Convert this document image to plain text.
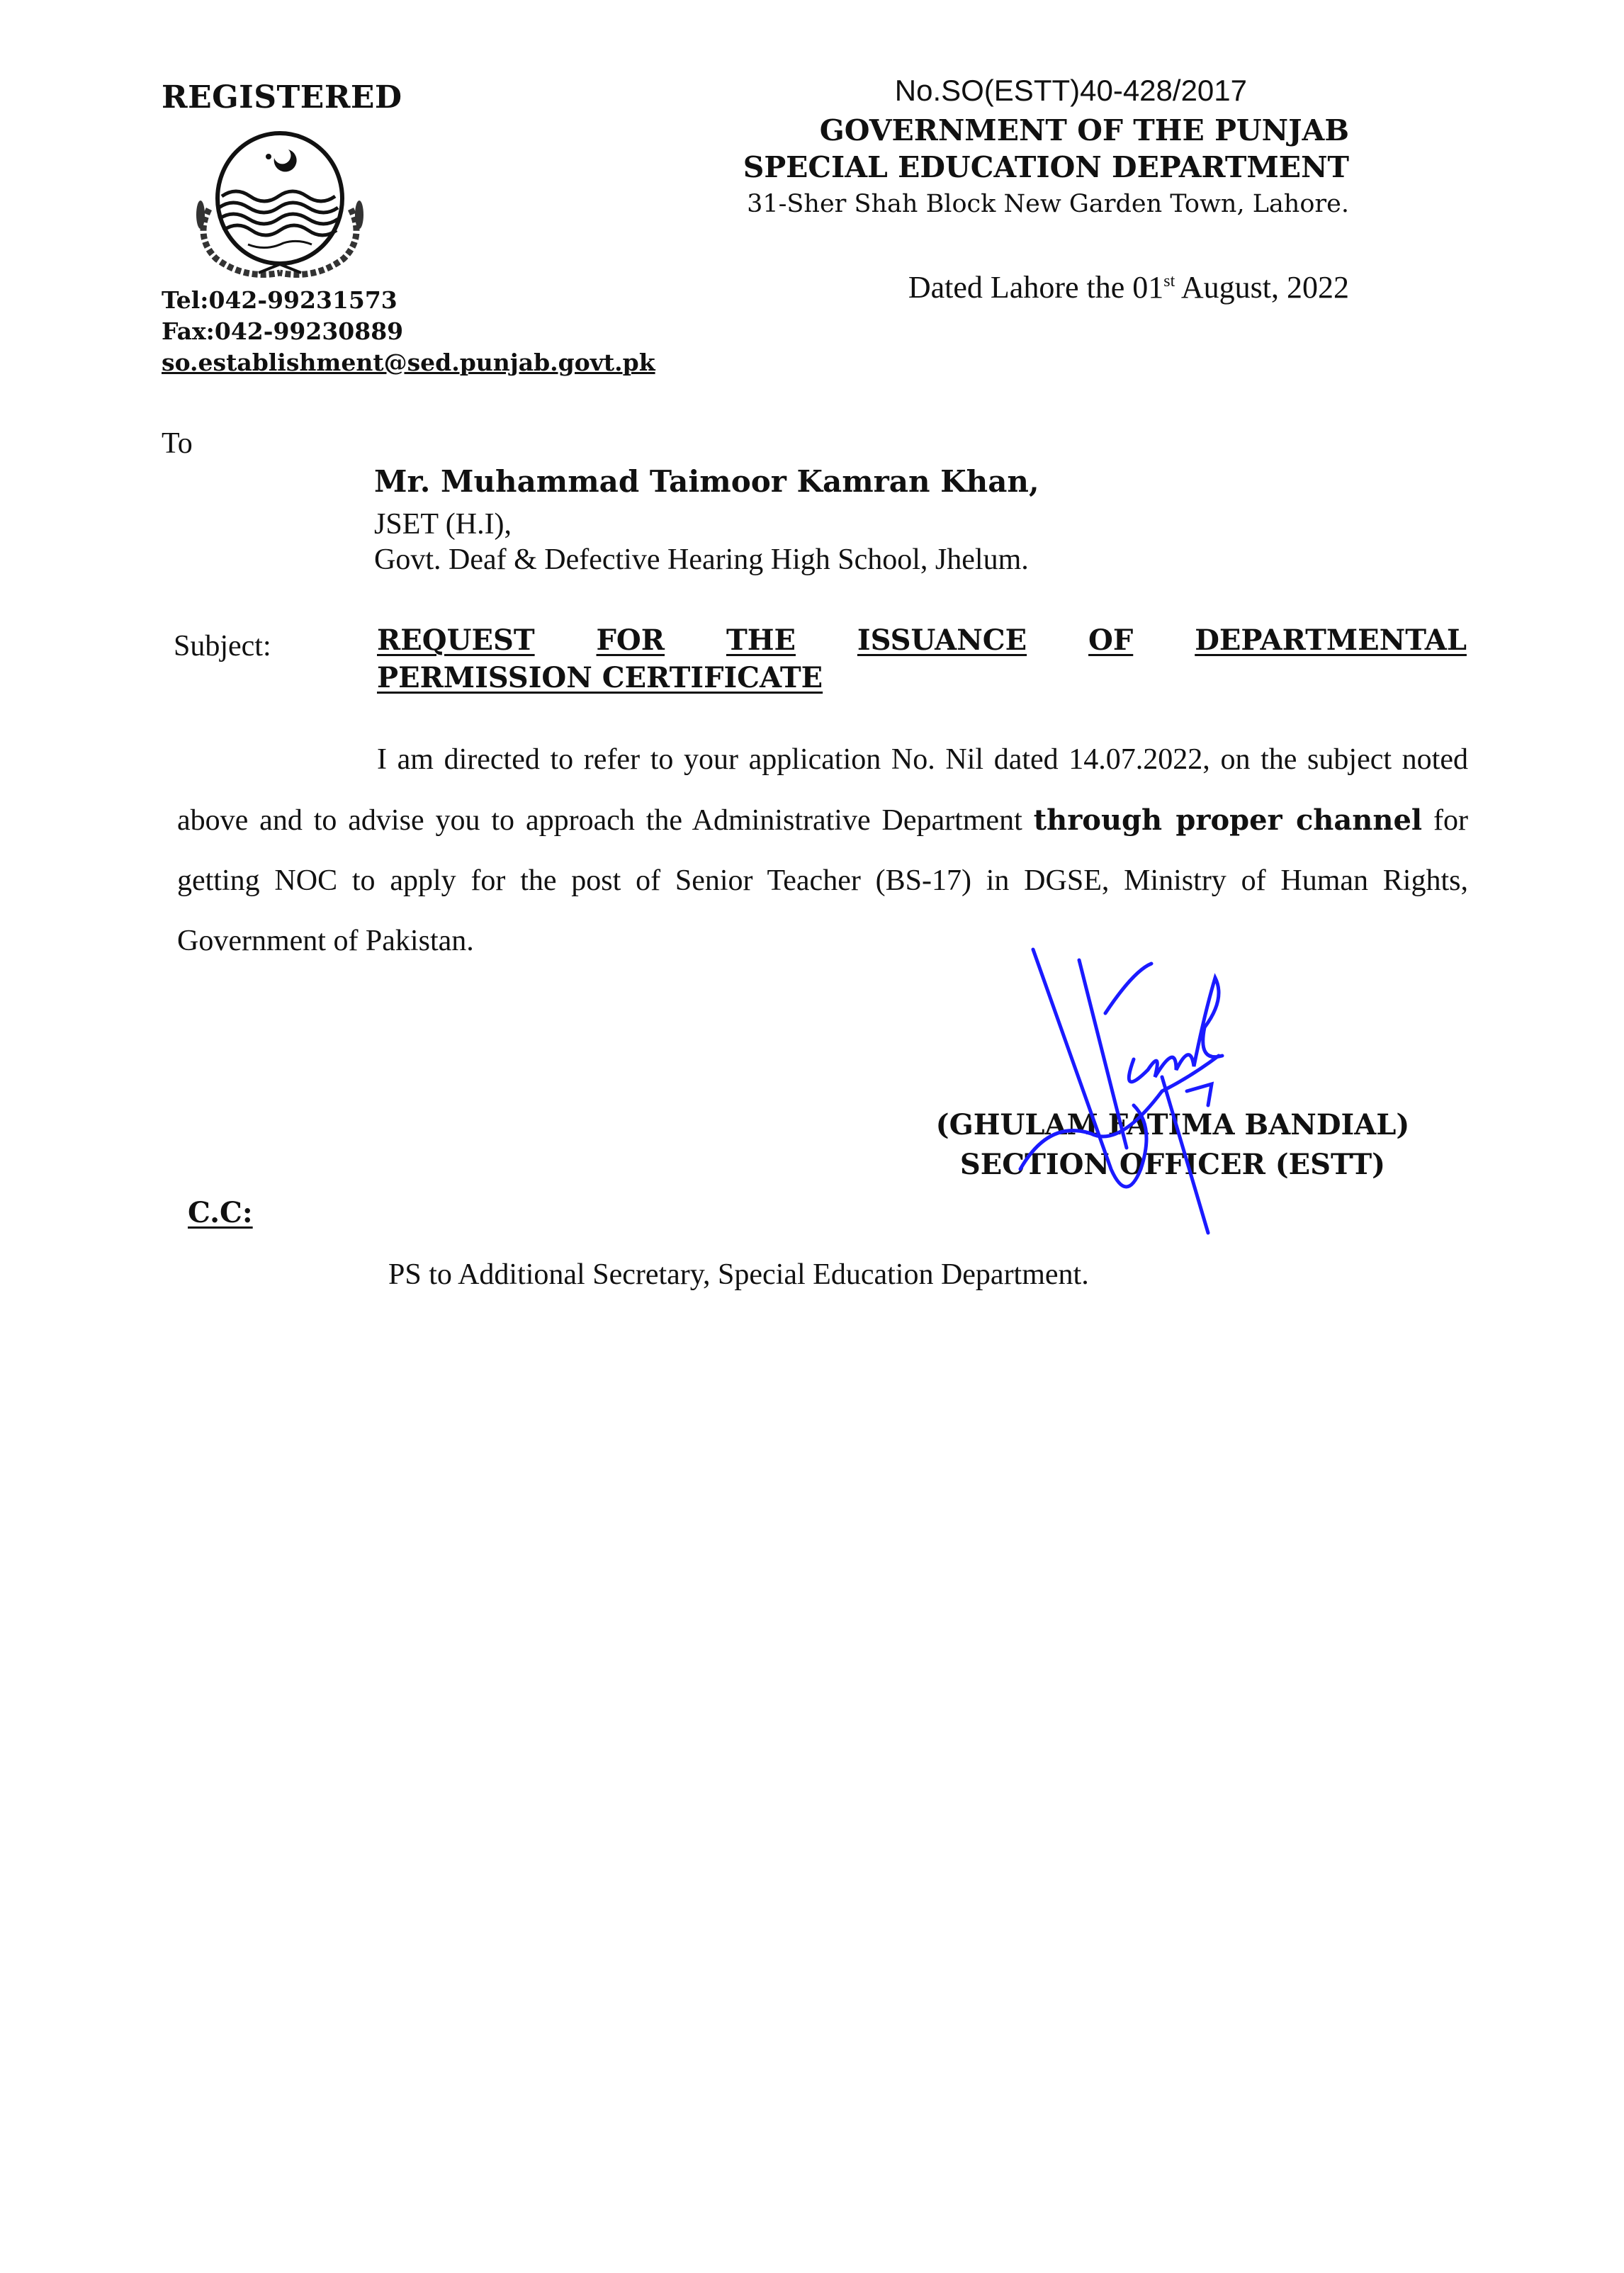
REGISTERED
Tel:042-99231573
Fax:042-99230889
so.establishment@sed.punjab.govt.pk
No.SO(ESTT)40-428/2017
GOVERNMENT OF THE PUNJAB
SPECIAL EDUCATION DEPARTMENT
31-Sher Shah Block New Garden Town, Lahore.
Dated Lahore the 01st August, 2022
To
Mr. Muhammad Taimoor Kamran Khan,
JSET (H.I),
Govt. Deaf & Defective Hearing High School, Jhelum.
Subject:	REQUEST FOR THE ISSUANCE OF DEPARTMENTAL
PERMISSION CERTIFICATE
I am directed to refer to your application No. Nil dated 14.07.2022, on the subject noted above and to advise you to approach the Administrative Department through proper channel for getting NOC to apply for the post of Senior Teacher (BS-17) in DGSE, Ministry of Human Rights, Government of Pakistan.
(GHULAM FATIMA BANDIAL)
SECTION OFFICER (ESTT)
C.C:
PS to Additional Secretary, Special Education Department.
